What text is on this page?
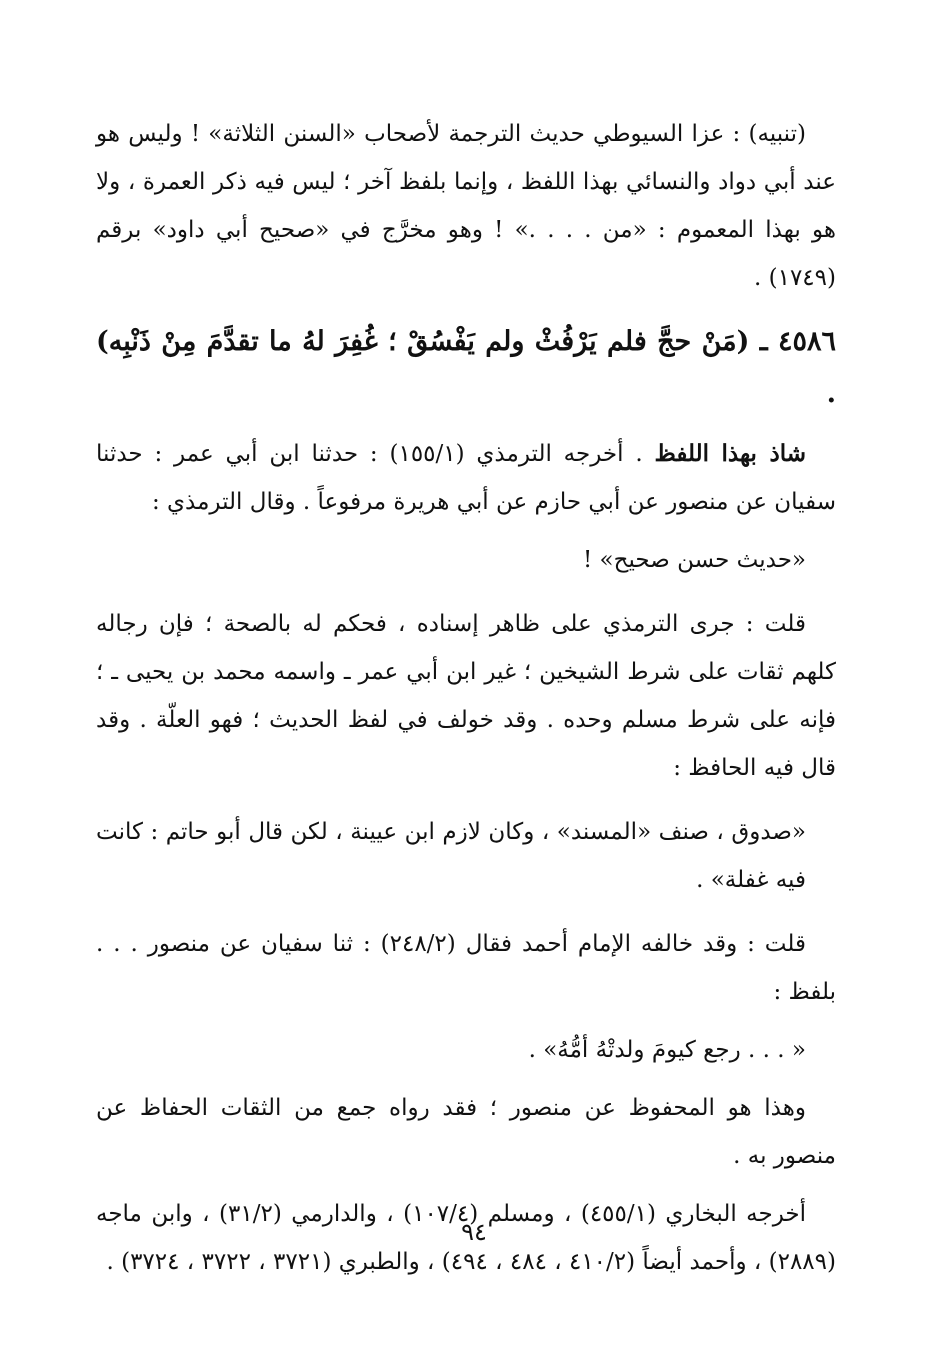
(تنبيه) : عزا السيوطي حديث الترجمة لأصحاب «السنن الثلاثة» ! وليس هو عند أبي دواد والنسائي بهذا اللفظ ، وإنما بلفظ آخر ؛ ليس فيه ذكر العمرة ، ولا هو بهذا المعموم : «من . . . .» ! وهو مخرَّج في «صحيح أبي داود» برقم (١٧٤٩) .

٤٥٨٦ ـ (مَنْ حجَّ فلم يَرْفُثْ ولم يَفْسُقْ ؛ غُفِرَ لهُ ما تقدَّمَ مِنْ ذَنْبِه) .

شاذ بهذا اللفظ . أخرجه الترمذي (١٥٥/١) : حدثنا ابن أبي عمر : حدثنا سفيان عن منصور عن أبي حازم عن أبي هريرة مرفوعاً . وقال الترمذي :

«حديث حسن صحيح» !

قلت : جرى الترمذي على ظاهر إسناده ، فحكم له بالصحة ؛ فإن رجاله كلهم ثقات على شرط الشيخين ؛ غير ابن أبي عمر ـ واسمه محمد بن يحيى ـ ؛ فإنه على شرط مسلم وحده . وقد خولف في لفظ الحديث ؛ فهو العلّة . وقد قال فيه الحافظ :

«صدوق ، صنف «المسند» ، وكان لازم ابن عيينة ، لكن قال أبو حاتم : كانت فيه غفلة» .

قلت : وقد خالفه الإمام أحمد فقال (٢٤٨/٢) : ثنا سفيان عن منصور . . . بلفظ :

« . . . رجع كيومَ ولدتْهُ أمُّهُ» .

وهذا هو المحفوظ عن منصور ؛ فقد رواه جمع من الثقات الحفاظ عن منصور به .

أخرجه البخاري (٤٥٥/١) ، ومسلم (١٠٧/٤) ، والدارمي (٣١/٢) ، وابن ماجه (٢٨٨٩) ، وأحمد أيضاً (٤١٠/٢ ، ٤٨٤ ، ٤٩٤) ، والطبري (٣٧٢١ ، ٣٧٢٢ ، ٣٧٢٤) .

٩٤
